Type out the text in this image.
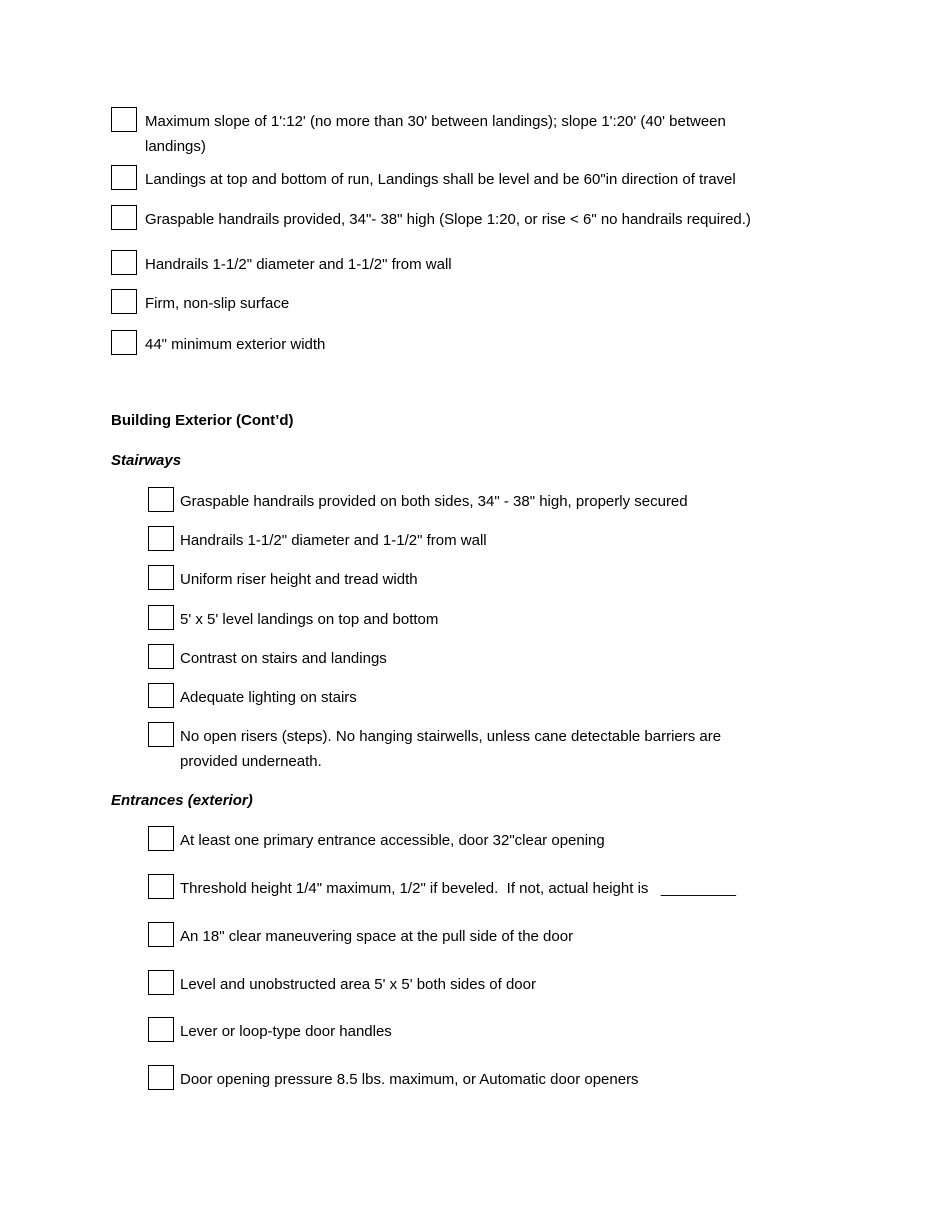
Maximum slope of 1':12' (no more than 30' between landings); slope 1':20' (40' between landings)
Landings at top and bottom of run, Landings shall be level and be 60"in direction of travel
Graspable handrails provided, 34"- 38" high (Slope 1:20, or rise < 6" no handrails required.)
Handrails 1-1/2" diameter and 1-1/2" from wall
Firm, non-slip surface
44" minimum exterior width
Building Exterior (Cont’d)
Stairways
Graspable handrails provided on both sides, 34" - 38" high, properly secured
Handrails 1-1/2" diameter and 1-1/2" from wall
Uniform riser height and tread width
5' x 5' level landings on top and bottom
Contrast on stairs and landings
Adequate lighting on stairs
No open risers (steps). No hanging stairwells, unless cane detectable barriers are provided underneath.
Entrances (exterior)
At least one primary entrance accessible, door 32"clear opening
Threshold height 1/4" maximum, 1/2" if beveled.  If not, actual height is   _________
An 18" clear maneuvering space at the pull side of the door
Level and unobstructed area 5' x 5' both sides of door
Lever or loop-type door handles
Door opening pressure 8.5 lbs. maximum, or Automatic door openers
